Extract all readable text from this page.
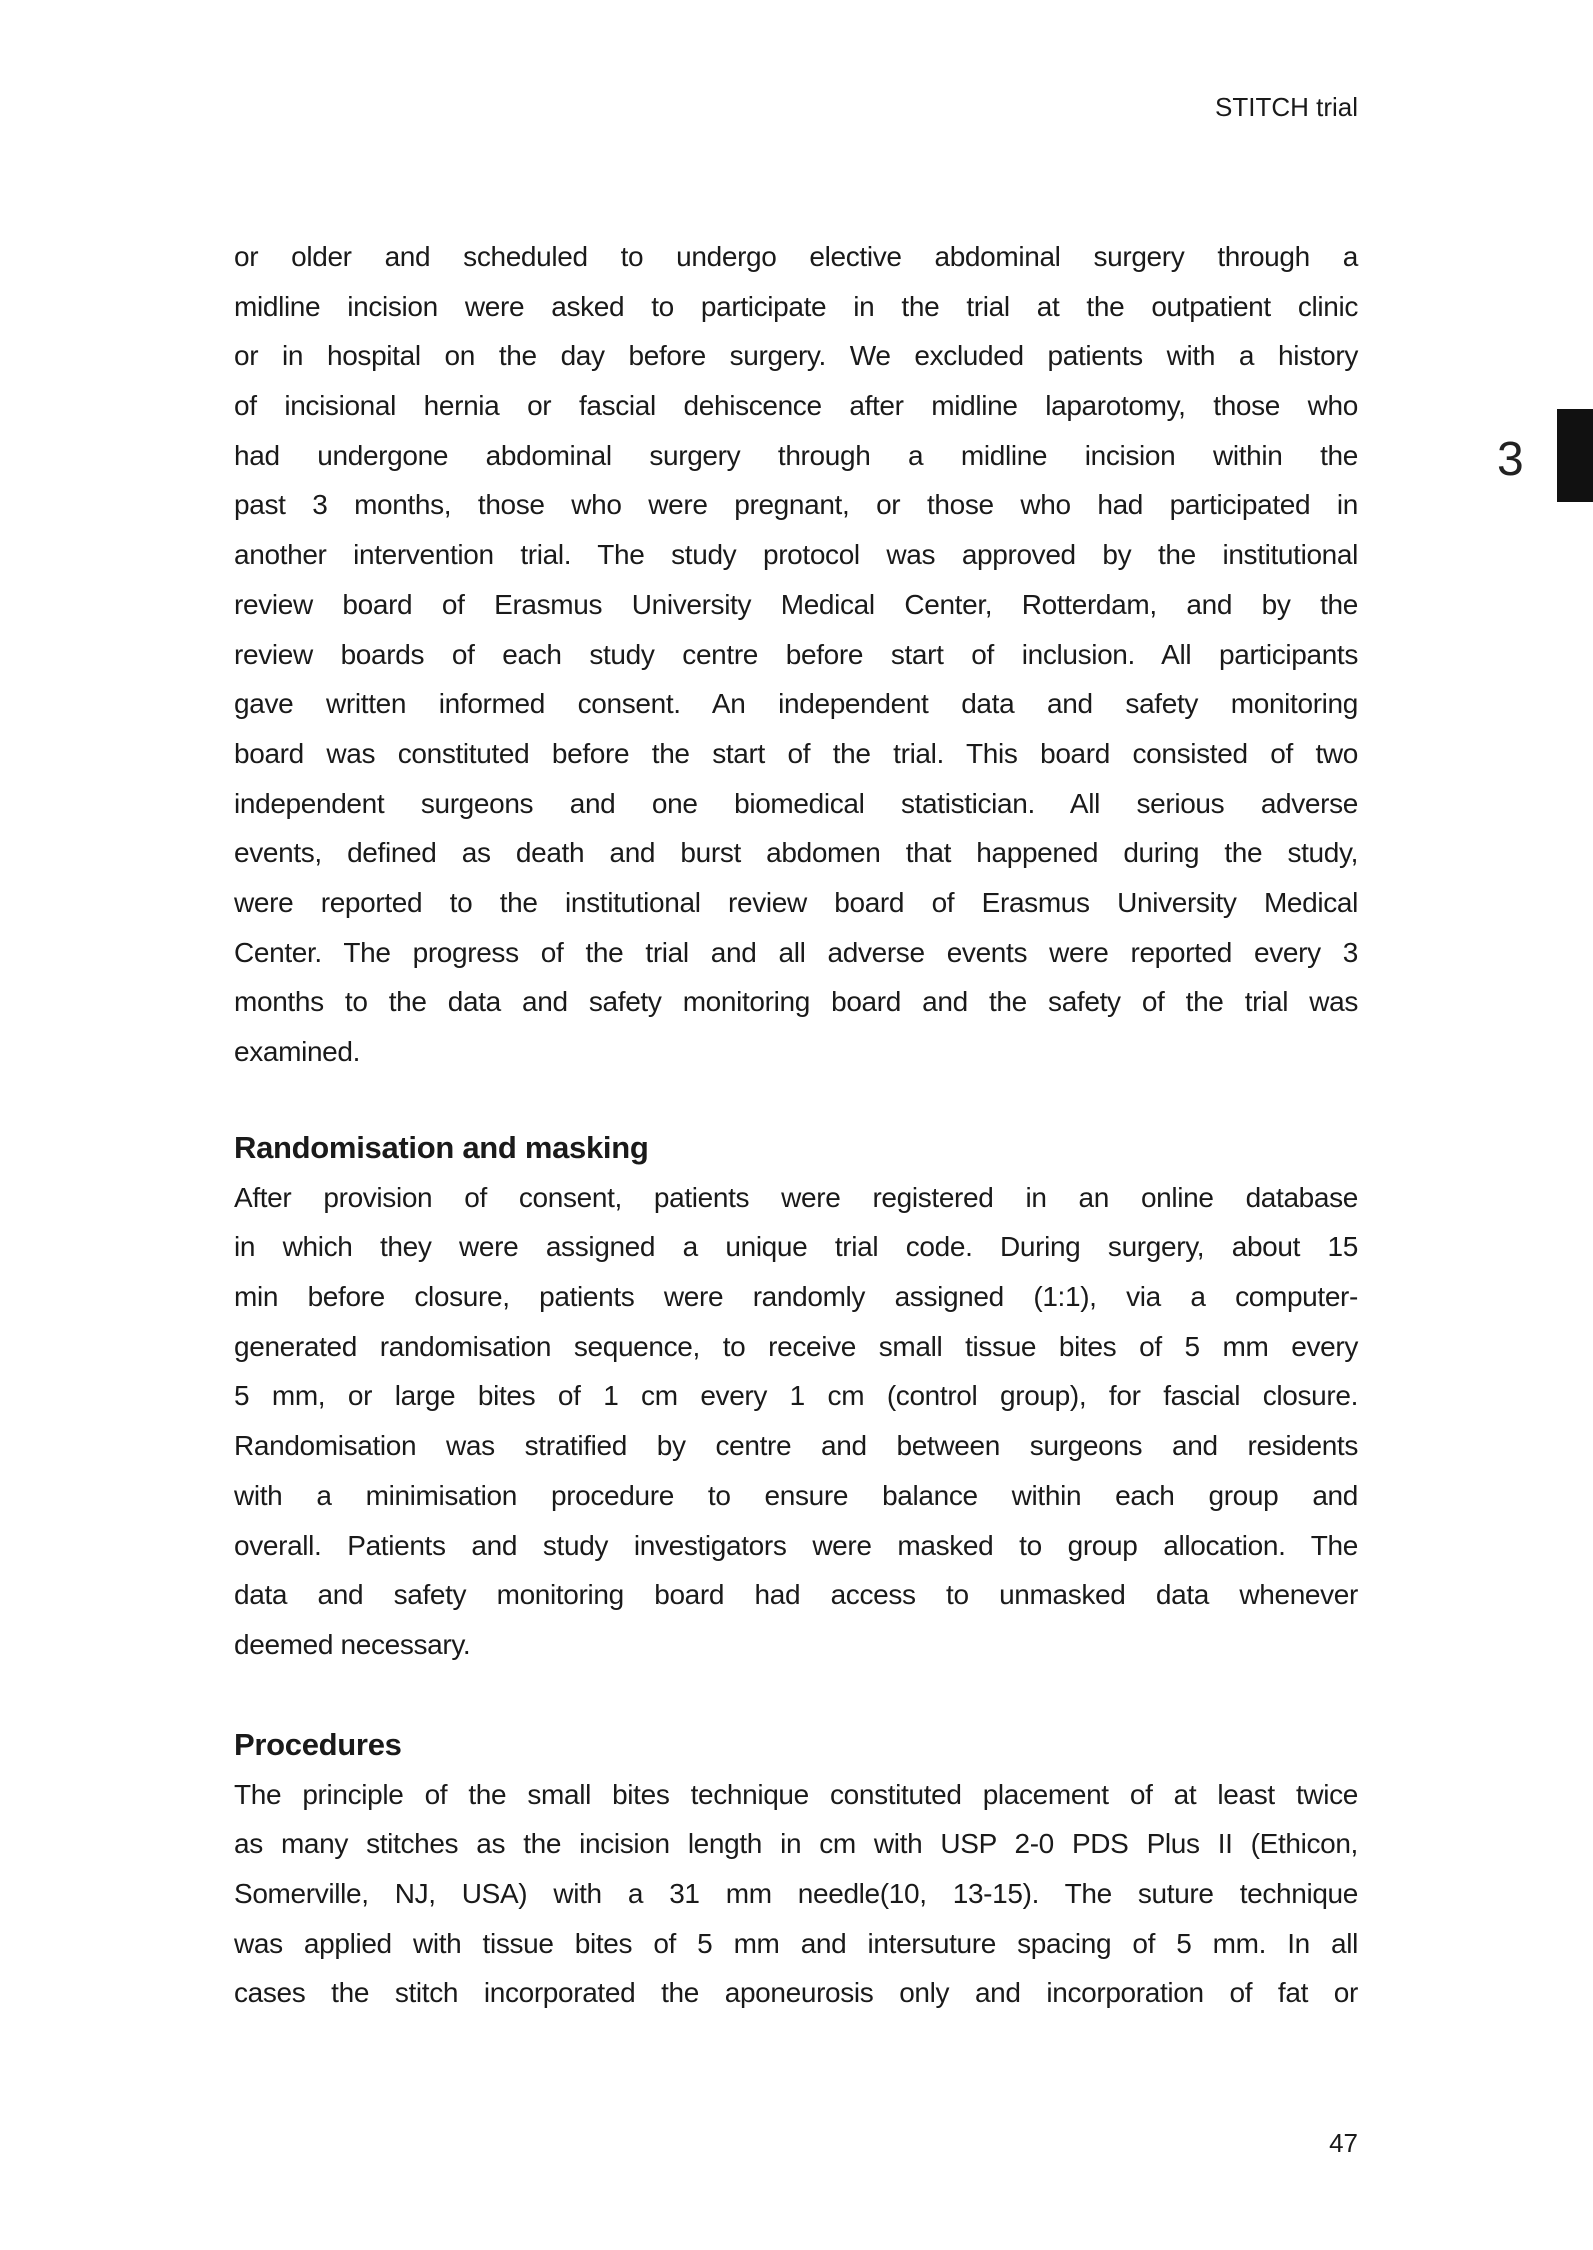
STITCH trial
3
or older and scheduled to undergo elective abdominal surgery through a
midline incision were asked to participate in the trial at the outpatient clinic
or in hospital on the day before surgery. We excluded patients with a history
of incisional hernia or fascial dehiscence after midline laparotomy, those who
had undergone abdominal surgery through a midline incision within the
past 3 months, those who were pregnant, or those who had participated in
another intervention trial. The study protocol was approved by the institutional
review board of Erasmus University Medical Center, Rotterdam, and by the
review boards of each study centre before start of inclusion. All participants
gave written informed consent. An independent data and safety monitoring
board was constituted before the start of the trial. This board consisted of two
independent surgeons and one biomedical statistician. All serious adverse
events, defined as death and burst abdomen that happened during the study,
were reported to the institutional review board of Erasmus University Medical
Center. The progress of the trial and all adverse events were reported every 3
months to the data and safety monitoring board and the safety of the trial was
examined.
Randomisation and masking
After provision of consent, patients were registered in an online database
in which they were assigned a unique trial code. During surgery, about 15
min before closure, patients were randomly assigned (1:1), via a computer-
generated randomisation sequence, to receive small tissue bites of 5 mm every
5 mm, or large bites of 1 cm every 1 cm (control group), for fascial closure.
Randomisation was stratified by centre and between surgeons and residents
with a minimisation procedure to ensure balance within each group and
overall. Patients and study investigators were masked to group allocation. The
data and safety monitoring board had access to unmasked data whenever
deemed necessary.
Procedures
The principle of the small bites technique constituted placement of at least twice
as many stitches as the incision length in cm with USP 2-0 PDS Plus II (Ethicon,
Somerville, NJ, USA) with a 31 mm needle(10, 13-15). The suture technique
was applied with tissue bites of 5 mm and intersuture spacing of 5 mm. In all
cases the stitch incorporated the aponeurosis only and incorporation of fat or
47
